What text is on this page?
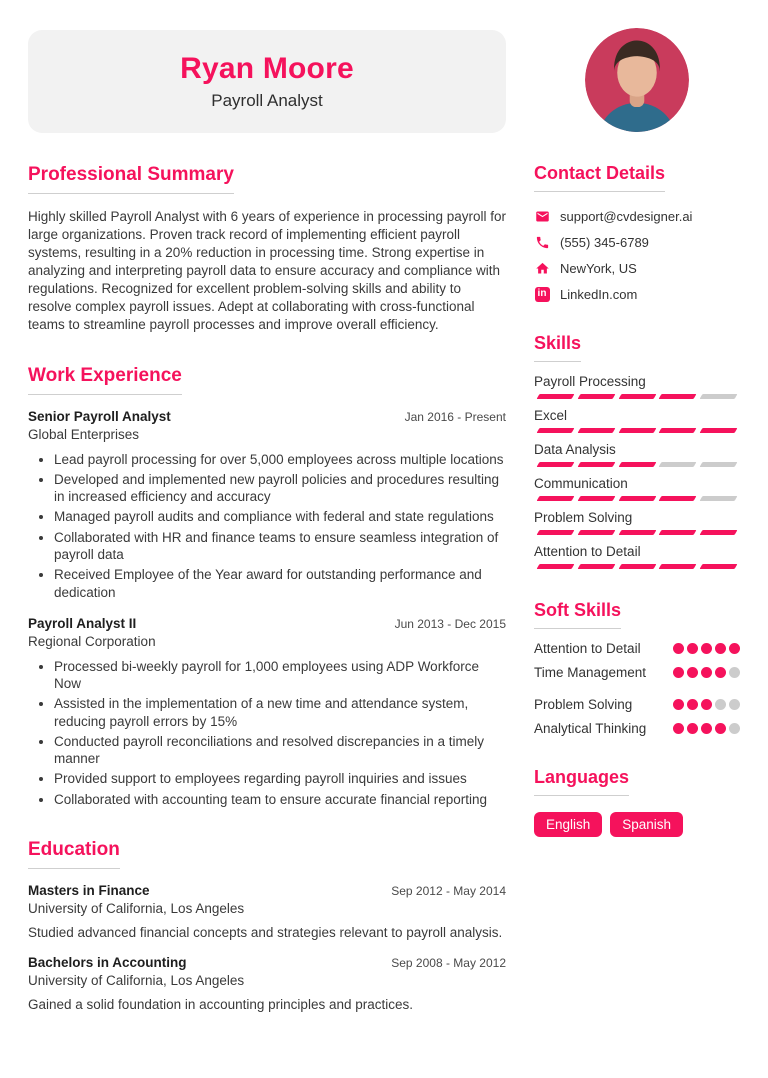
Ryan Moore
Payroll Analyst
Professional Summary
Highly skilled Payroll Analyst with 6 years of experience in processing payroll for large organizations. Proven track record of implementing efficient payroll systems, resulting in a 20% reduction in processing time. Strong expertise in analyzing and interpreting payroll data to ensure accuracy and compliance with regulations. Recognized for excellent problem-solving skills and ability to resolve complex payroll issues. Adept at collaborating with cross-functional teams to streamline payroll processes and improve overall efficiency.
Work Experience
Senior Payroll Analyst	Jan 2016 - Present
Global Enterprises
• Lead payroll processing for over 5,000 employees across multiple locations
• Developed and implemented new payroll policies and procedures resulting in increased efficiency and accuracy
• Managed payroll audits and compliance with federal and state regulations
• Collaborated with HR and finance teams to ensure seamless integration of payroll data
• Received Employee of the Year award for outstanding performance and dedication
Payroll Analyst II	Jun 2013 - Dec 2015
Regional Corporation
• Processed bi-weekly payroll for 1,000 employees using ADP Workforce Now
• Assisted in the implementation of a new time and attendance system, reducing payroll errors by 15%
• Conducted payroll reconciliations and resolved discrepancies in a timely manner
• Provided support to employees regarding payroll inquiries and issues
• Collaborated with accounting team to ensure accurate financial reporting
Education
Masters in Finance	Sep 2012 - May 2014
University of California, Los Angeles
Studied advanced financial concepts and strategies relevant to payroll analysis.
Bachelors in Accounting	Sep 2008 - May 2012
University of California, Los Angeles
Gained a solid foundation in accounting principles and practices.
Contact Details
support@cvdesigner.ai
(555) 345-6789
NewYork, US
in LinkedIn.com
Skills
Payroll Processing
Excel
Data Analysis
Communication
Problem Solving
Attention to Detail
Soft Skills
Attention to Detail
Time Management
Problem Solving
Analytical Thinking
Languages
English	Spanish
